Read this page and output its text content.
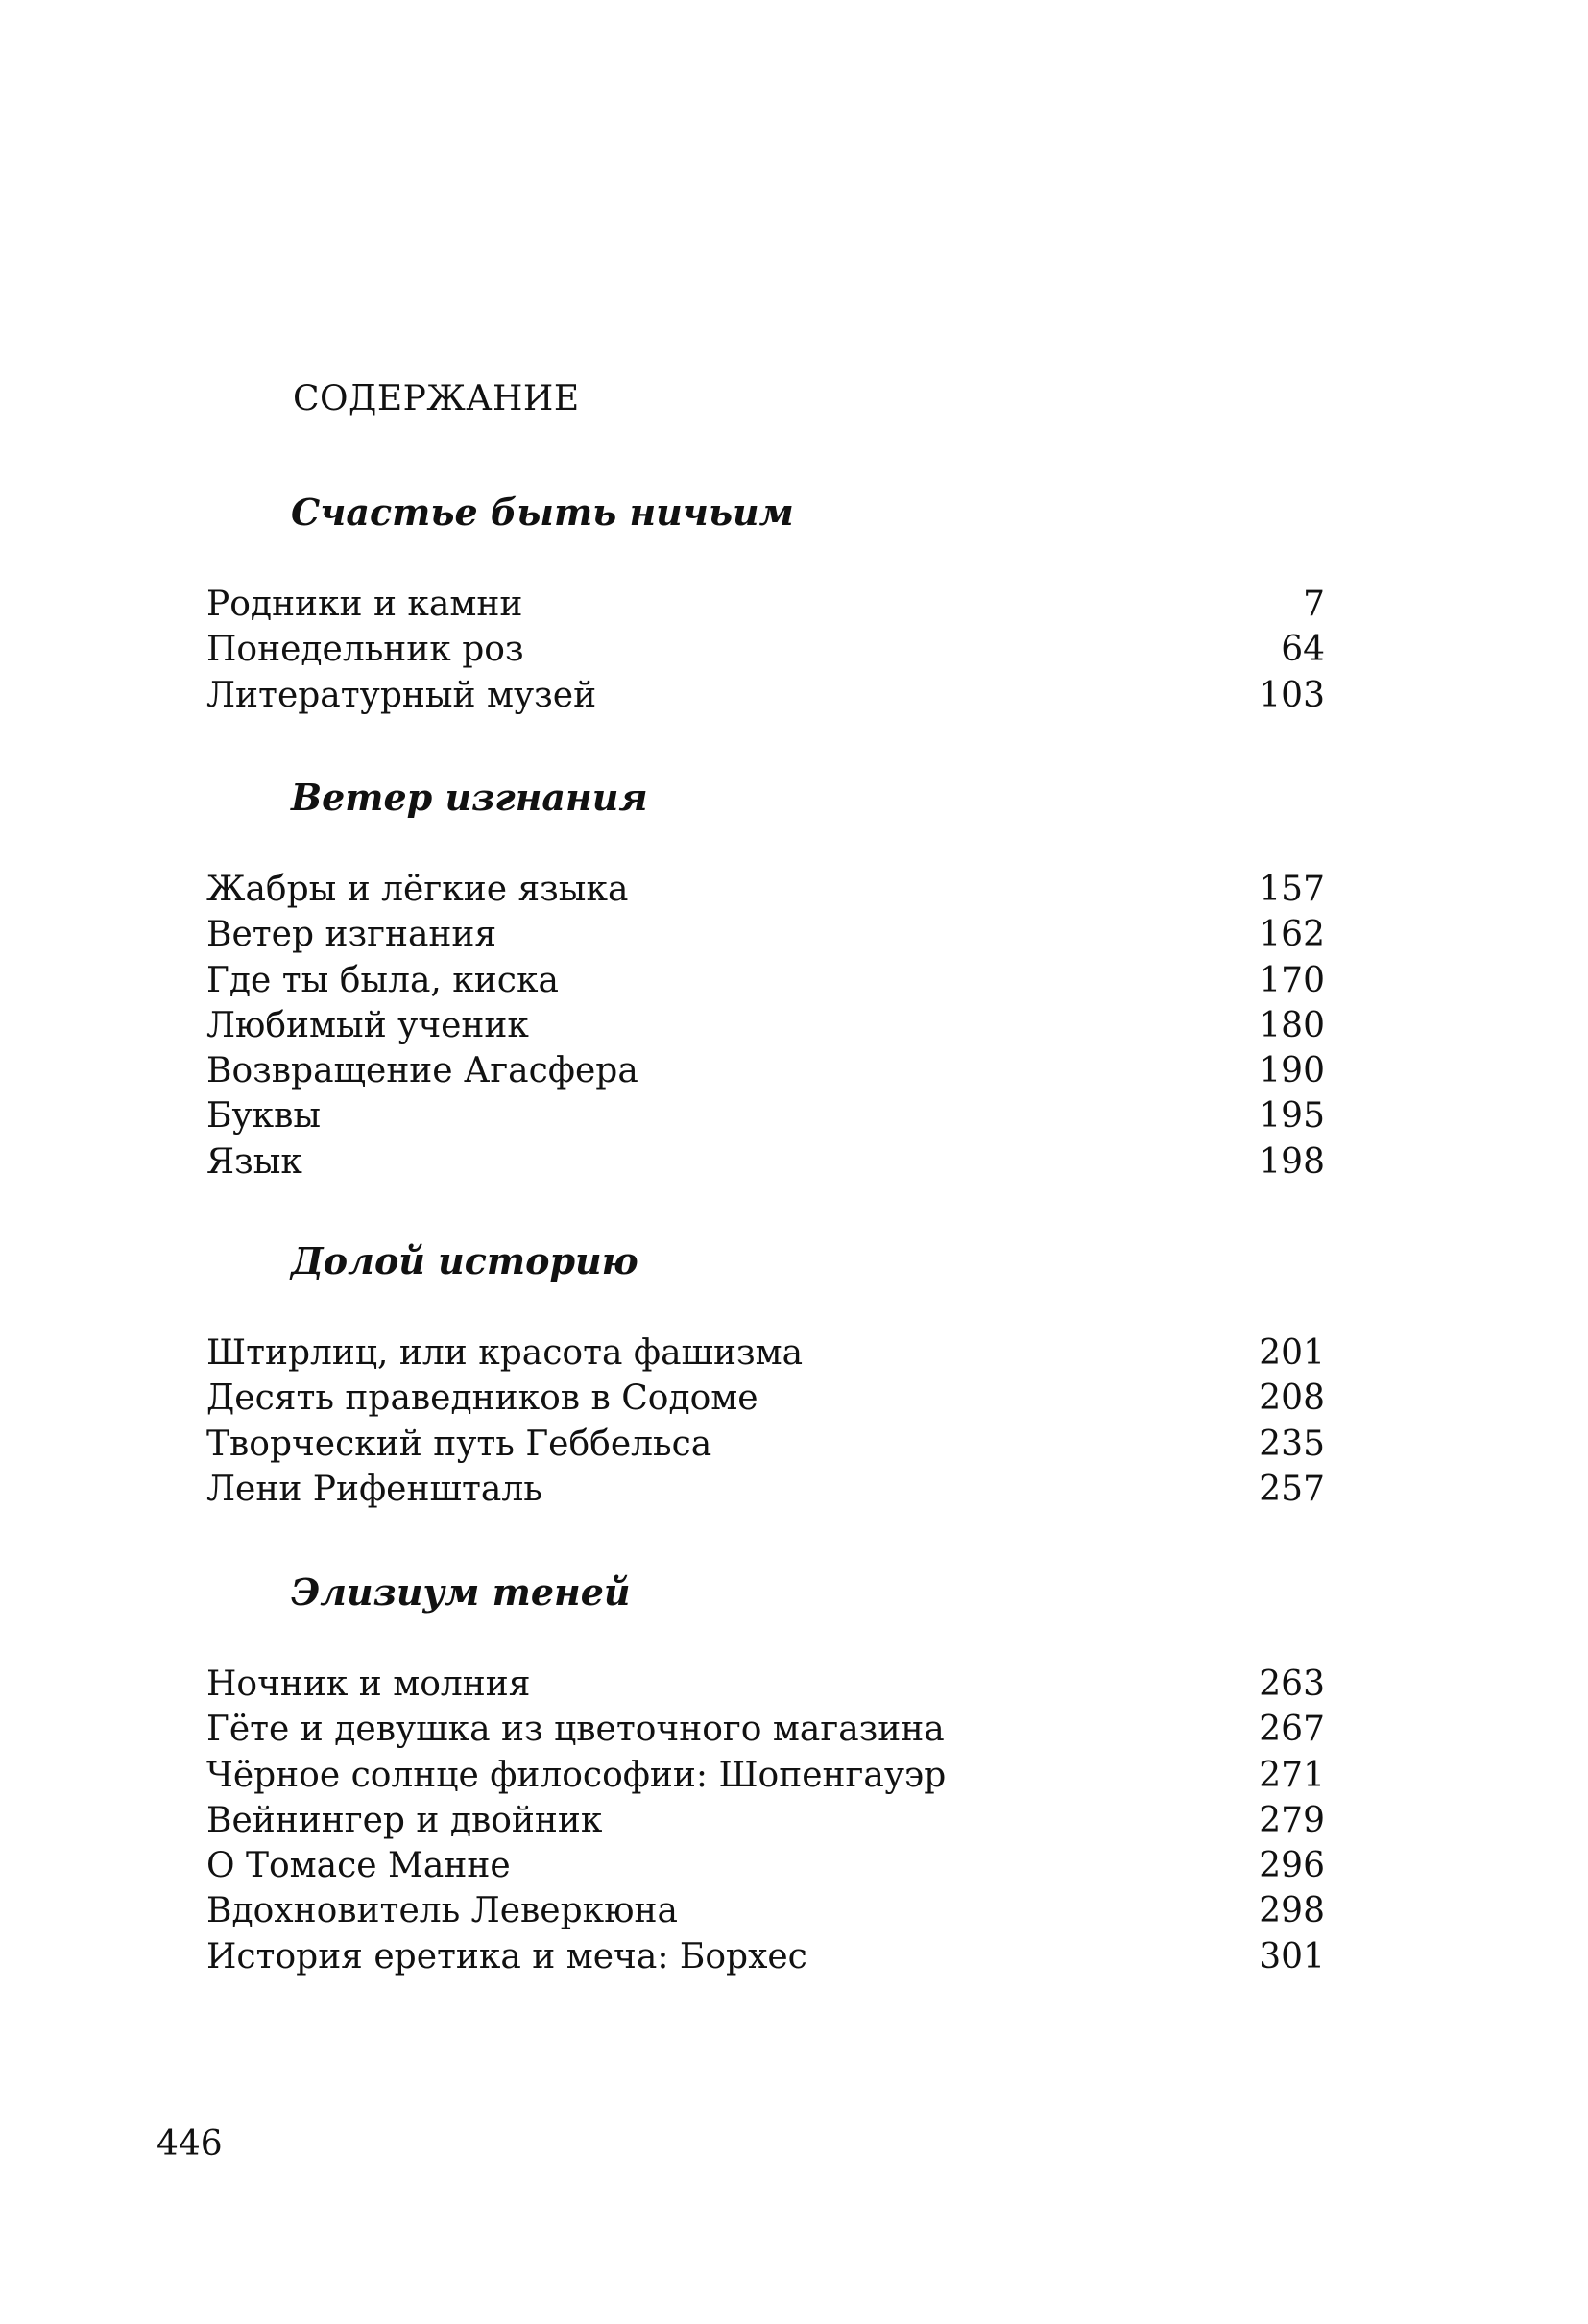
СОДЕРЖАНИЕ
Счастье быть ничьим
Родники и камни	7
Понедельник роз	64
Литературный музей	103
Ветер изгнания
Жабры и лёгкие языка	157
Ветер изгнания	162
Где ты была, киска	170
Любимый ученик	180
Возвращение Агасфера	190
Буквы	195
Язык	198
Долой историю
Штирлиц, или красота фашизма	201
Десять праведников в Содоме	208
Творческий путь Геббельса	235
Лени Рифеншталь	257
Элизиум теней
Ночник и молния	263
Гёте и девушка из цветочного магазина	267
Чёрное солнце философии: Шопенгауэр	271
Вейнингер и двойник	279
О Томасе Манне	296
Вдохновитель Леверкюна	298
История еретика и меча: Борхес	301
446
